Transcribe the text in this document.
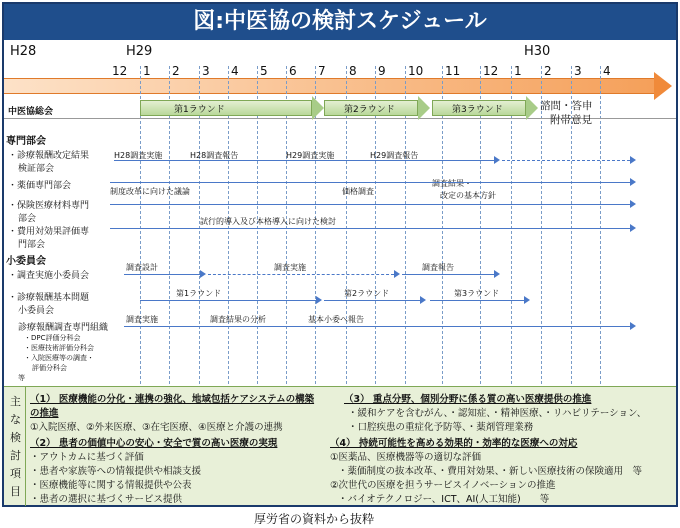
図:中医協の検討スケジュール
H28	H29	H30
12 1 2 3 4 5 6 7 8 9 10 11 12 1 2 3 4
中医協総会	第1ラウンド	第2ラウンド	第3ラウンド	諮問・答申
附帯意見
専門部会
・診療報酬改定結果
検証部会
・薬価専門部会
・保険医療材料専門
部会
・費用対効果評価専
門部会
H28調査実施	H28調査報告	H29調査実施	H29調査報告
制度改革に向けた議論	価格調査
調査結果・
改定の基本方針
試行的導入及び本格導入に向けた検討
小委員会
・調査実施小委員会
調査設計	調査実施	調査報告
・診療報酬基本問題
小委員会
第1ラウンド	第2ラウンド	第3ラウンド
診療報酬調査専門組織
・DPC評価分科会
・医療技術評価分科会
・入院医療等の調査・
評価分科会
等
調査実施	調査結果の分析	基本小委へ報告
主
な
検
討
項
目
（1） 医療機能の分化・連携の強化、地域包括ケアシステムの構築
の推進
①入院医療、②外来医療、③在宅医療、④医療と介護の連携
（2） 患者の価値中心の安心・安全で質の高い医療の実現
・アウトカムに基づく評価
・患者や家族等への情報提供や相談支援
・医療機能等に関する情報提供や公表
・患者の選択に基づくサービス提供
（3） 重点分野、個別分野に係る質の高い医療提供の推進
・緩和ケアを含むがん、・認知症、・精神医療、・リハビリテーション、
・口腔疾患の重症化予防等、・薬剤管理業務
（4） 持続可能性を高める効果的・効率的な医療への対応
①医薬品、医療機器等の適切な評価
・薬価制度の抜本改革、・費用対効果、・新しい医療技術の保険適用　等
②次世代の医療を担うサービスイノベーションの推進
・バイオテクノロジー、ICT、AI(人工知能)　　等
厚労省の資料から抜粋
